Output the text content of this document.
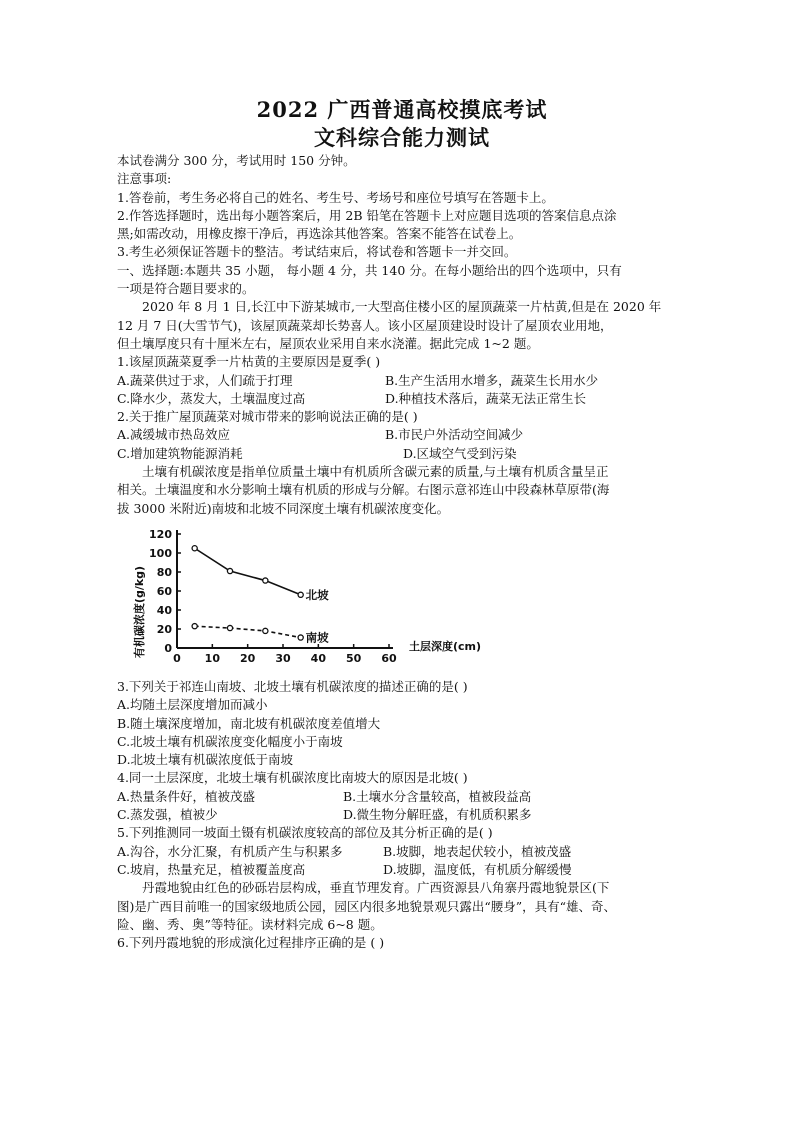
2022 广西普通高校摸底考试

文科综合能力测试

本试卷满分 300 分，考试用时 150 分钟。

注意事项:

1.答卷前，考生务必将自己的姓名、考生号、考场号和座位号填写在答题卡上。

2.作答选择题时，选出每小题答案后，用 2B 铅笔在答题卡上对应题目选项的答案信息点涂

黑;如需改动，用橡皮擦干净后，再选涂其他答案。答案不能答在试卷上。

3.考生必须保证答题卡的整洁。考试结束后，将试卷和答题卡一并交回。

一、选择题:本题共 35 小题， 每小题 4 分，共 140 分。在每小题给出的四个选项中，只有

一项是符合题目要求的。

2020 年 8 月 1 日,长江中下游某城市,一大型高住楼小区的屋顶蔬菜一片枯黄,但是在 2020 年

12 月 7 日(大雪节气)，该屋顶蔬菜却长势喜人。该小区屋顶建设时设计了屋顶农业用地，

但土壤厚度只有十厘米左右，屋顶农业采用自来水浇灌。据此完成 1~2 题。

1.该屋顶蔬菜夏季一片枯黄的主要原因是夏季( )

A.蔬菜供过于求，人们疏于打理	B.生产生活用水增多，蔬菜生长用水少
C.降水少，蒸发大，土壤温度过高	D.种植技术落后，蔬菜无法正常生长

2.关于推广屋顶蔬菜对城市带来的影响说法正确的是( )

A.减缓城市热岛效应	B.市民户外活动空间减少
C.增加建筑物能源消耗	D.区域空气受到污染

土壤有机碳浓度是指单位质量土壤中有机质所含碳元素的质量,与土壤有机质含量呈正

相关。土壤温度和水分影响土壤有机质的形成与分解。右图示意祁连山中段森林草原带(海

拔 3000 米附近)南坡和北坡不同深度土壤有机碳浓度变化。

有机碳浓度(g/kg)	土层深度(cm)
0 10 20 30 40 50 60
0
20
40
60
80
100
120
北坡
南坡

3.下列关于祁连山南坡、北坡土壤有机碳浓度的描述正确的是( )

A.均随土层深度增加而减小

B.随土壤深度增加，南北坡有机碳浓度差值增大

C.北坡土壤有机碳浓度变化幅度小于南坡

D.北坡土壤有机碳浓度低于南坡

4.同一土层深度，北坡土壤有机碳浓度比南坡大的原因是北坡( )

A.热量条件好，植被茂盛	B.土壤水分含量较高，植被段益高
C.蒸发强，植被少	D.微生物分解旺盛，有机质积累多

5.下列推测同一坡面土镊有机碳浓度较高的部位及其分析正确的是( )

A.沟谷，水分汇聚，有机质产生与积累多	B.坡脚，地表起伏较小，植被茂盛
C.坡肩，热量充足，植被覆盖度高	D.坡脚，温度低，有机质分解缓慢

丹霞地貌由红色的砂砾岩层构成，垂直节理发育。广西资源县八角寨丹霞地貌景区(下

图)是广西目前唯一的国家级地质公园，园区内很多地貌景观只露出“腰身”，具有“雄、奇、

险、幽、秀、奥”等特征。读材料完成 6~8 题。

6.下列丹霞地貌的形成演化过程排序正确的是 ( )
